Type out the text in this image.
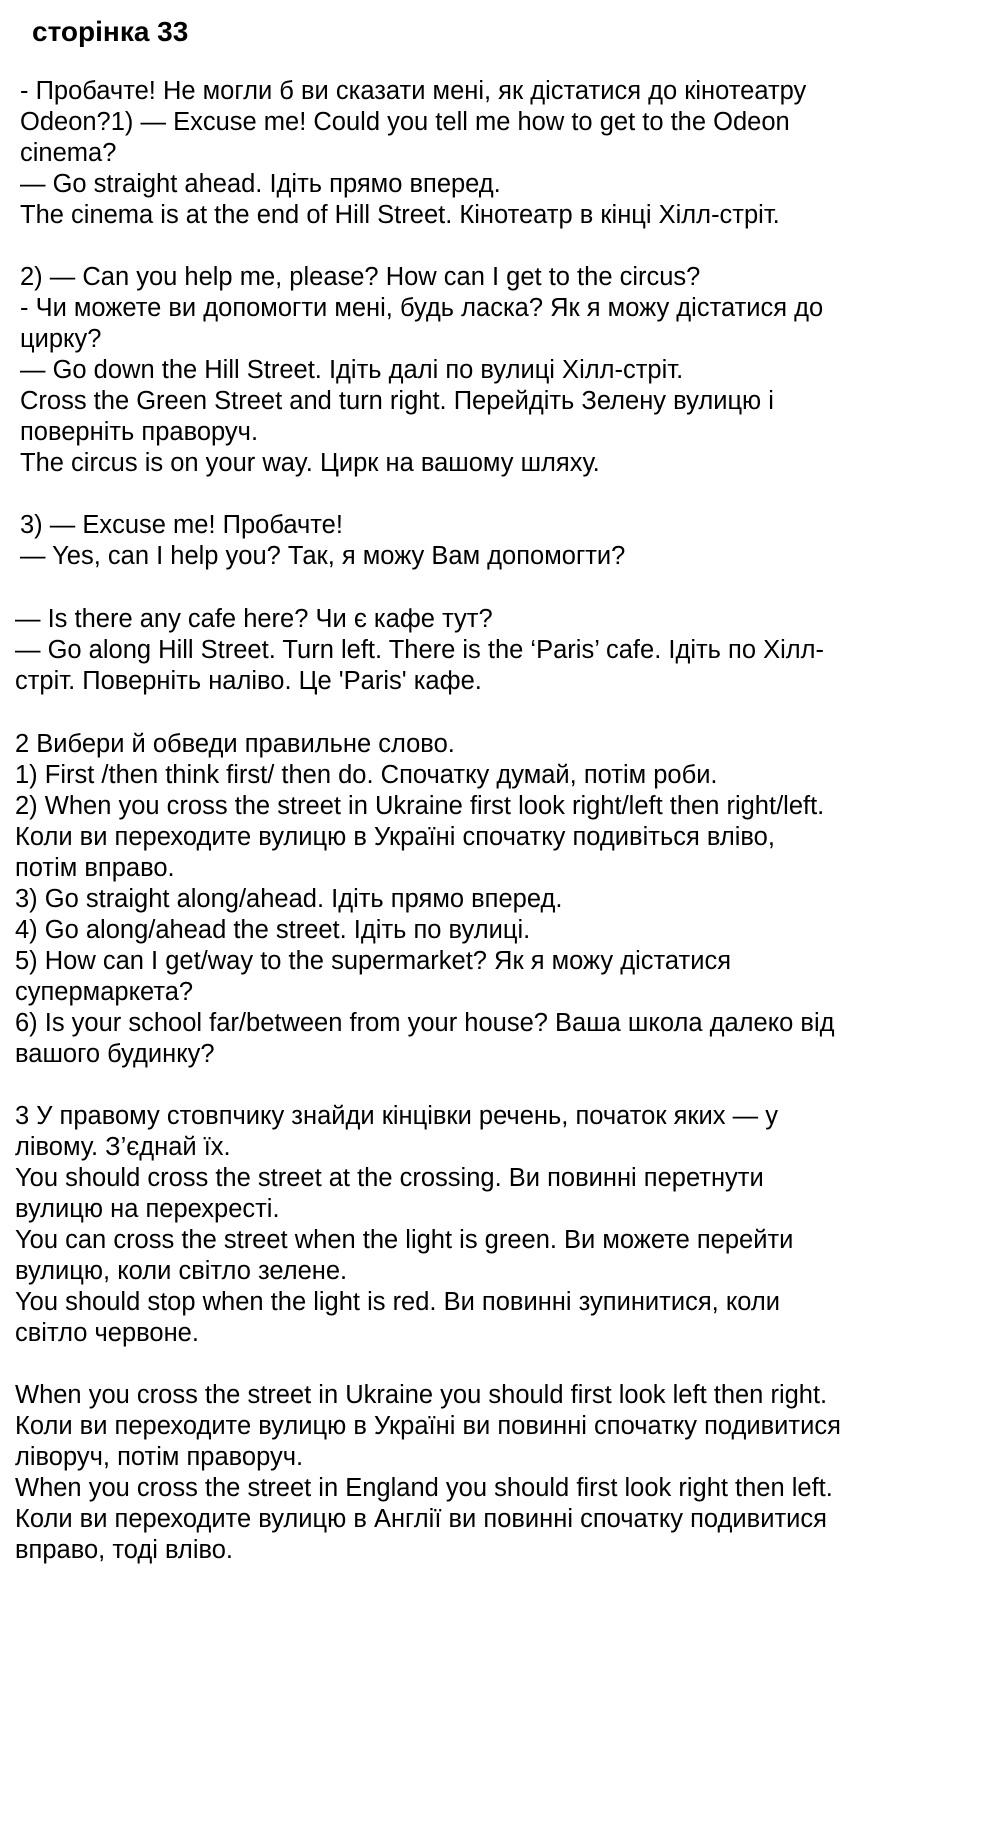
сторінка 33

- Пробачте! Не могли б ви сказати мені, як дістатися до кінотеатру

Odeon?1) — Excuse me! Could you tell me how to get to the Odeon

cinema?

— Go straight ahead. Ідіть прямо вперед.

The cinema is at the end of Hill Street. Кінотеатр в кінці Хілл-стріт.

2) — Can you help me, please? How can I get to the circus?

- Чи можете ви допомогти мені, будь ласка? Як я можу дістатися до

цирку?

— Go down the Hill Street. Ідіть далі по вулиці Хілл-стріт.

Cross the Green Street and turn right. Перейдіть Зелену вулицю і

поверніть праворуч.

The circus is on your way. Цирк на вашому шляху.

3) — Excuse me! Пробачте!

— Yes, can I help you? Так, я можу Вам допомогти?

— Is there any cafe here? Чи є кафе тут?

— Go along Hill Street. Turn left. There is the ‘Paris’ cafe. Ідіть по Хілл-

стріт. Поверніть наліво. Це 'Paris' кафе.

2 Вибери й обведи правильне слово.

1) First /then think first/ then do. Спочатку думай, потім роби.

2) When you cross the street in Ukraine first look right/left then right/left.

Коли ви переходите вулицю в Україні спочатку подивіться вліво,

потім вправо.

3) Go straight along/ahead. Ідіть прямо вперед.

4) Go along/ahead the street. Ідіть по вулиці.

5) How can I get/way to the supermarket? Як я можу дістатися

супермаркета?

6) Is your school far/between from your house? Ваша школа далеко від

вашого будинку?

3 У правому стовпчику знайди кінцівки речень, початок яких — у

лівому. З’єднай їх.

You should cross the street at the crossing. Ви повинні перетнути

вулицю на перехресті.

You can cross the street when the light is green. Ви можете перейти

вулицю, коли світло зелене.

You should stop when the light is red. Ви повинні зупинитися, коли

світло червоне.

When you cross the street in Ukraine you should first look left then right.

Коли ви переходите вулицю в Україні ви повинні спочатку подивитися

ліворуч, потім праворуч.

When you cross the street in England you should first look right then left.

Коли ви переходите вулицю в Англії ви повинні спочатку подивитися

вправо, тоді вліво.
